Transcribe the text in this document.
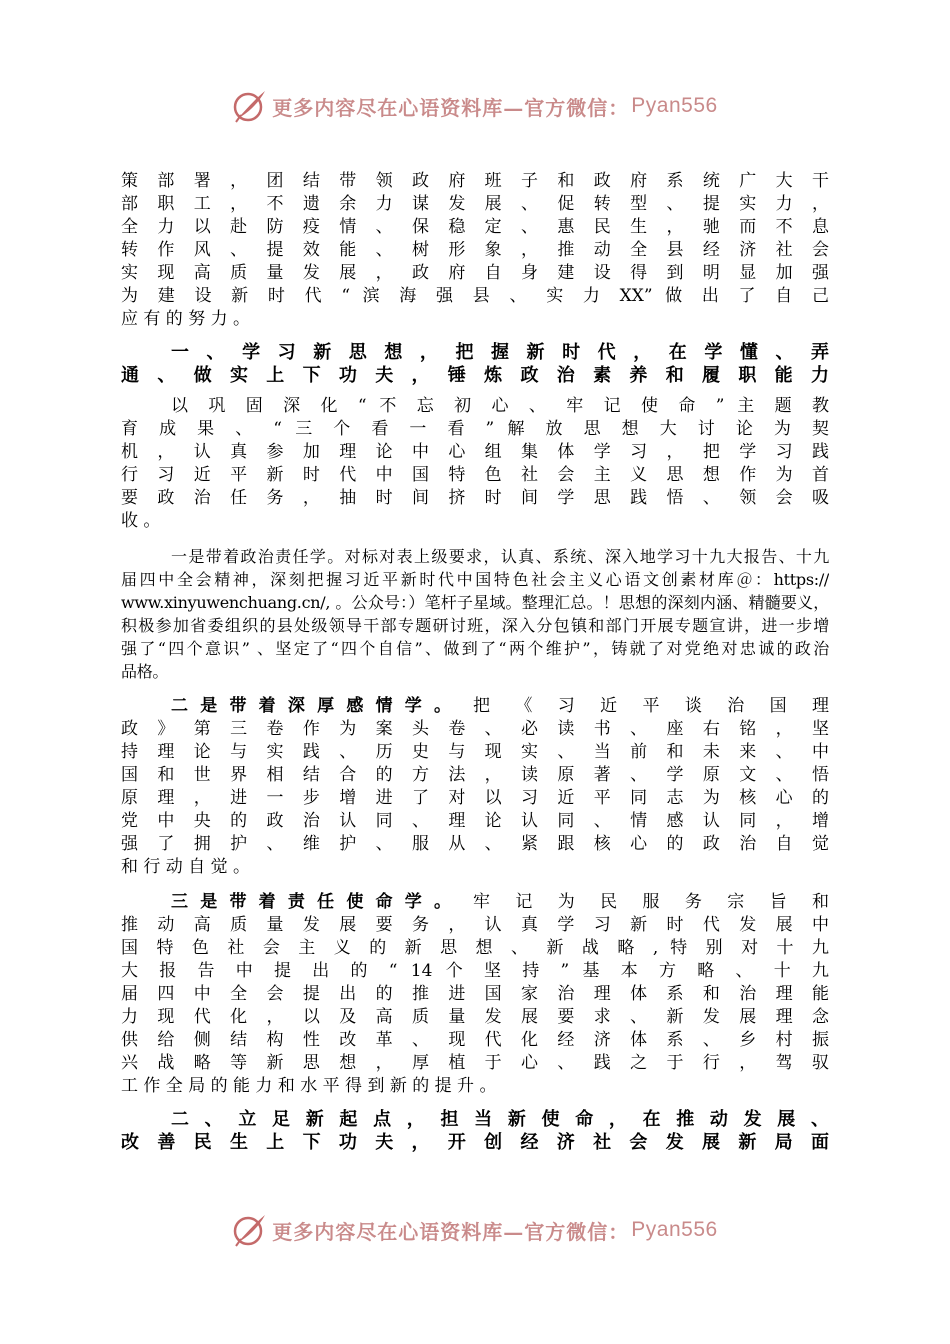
更多内容尽在心语资料库—官方微信： Pyan556
策 部 署 ， 团 结 带 领 政 府 班 子 和 政 府 系 统 广 大 干
部 职 工 ， 不 遗 余 力 谋 发 展 、 促 转 型 、 提 实 力 ，
全 力 以 赴 防 疫 情 、 保 稳 定 、 惠 民 生 ， 驰 而 不 息
转 作 风 、 提 效 能 、 树 形 象 ， 推 动 全 县 经 济 社 会
实 现 高 质 量 发 展 ， 政 府 自 身 建 设 得 到 明 显 加 强
为 建 设 新 时 代 “ 滨 海 强 县 、 实 力 XX” 做 出 了 自 己
应 有 的 努 力 。
一 、 学 习 新 思 想 ， 把 握 新 时 代 ， 在 学 懂 、 弄
通 、 做 实 上 下 功 夫 ， 锤 炼 政 治 素 养 和 履 职 能 力
以 巩 固 深 化 “ 不 忘 初 心 、 牢 记 使 命 ” 主 题 教
育 成 果 、 “ 三 个 看 一 看 ” 解 放 思 想 大 讨 论 为 契
机 ， 认 真 参 加 理 论 中 心 组 集 体 学 习 ， 把 学 习 践
行 习 近 平 新 时 代 中 国 特 色 社 会 主 义 思 想 作 为 首
要 政 治 任 务 ， 抽 时 间 挤 时 间 学 思 践 悟 、 领 会 吸
收 。
一是带着政治责任学。对标对表上级要求，认真、系统、深入地学习十九大报告、十九
届四中全会精神，深刻把握习近平新时代中国特色社会主义心语文创素材库＠：https://
www.xinyuwenchuang.cn/, 。公众号：）笔杆子星域。整理汇总。！思想的深刻内涵、精髓要义，
积极参加省委组织的县处级领导干部专题研讨班，深入分包镇和部门开展专题宣讲，进一步增
强了“四个意识” 、坚定了“四个自信”、做到了“两个维护”，铸就了对党绝对忠诚的政治
品格。
二 是 带 着 深 厚 感 情 学 。 把 《 习 近 平 谈 治 国 理
政 》 第 三 卷 作 为 案 头 卷 、 必 读 书 、 座 右 铭 ， 坚
持 理 论 与 实 践 、 历 史 与 现 实 、 当 前 和 未 来 、 中
国 和 世 界 相 结 合 的 方 法 ， 读 原 著 、 学 原 文 、 悟
原 理 ， 进 一 步 增 进 了 对 以 习 近 平 同 志 为 核 心 的
党 中 央 的 政 治 认 同 、 理 论 认 同 、 情 感 认 同 ， 增
强 了 拥 护 、 维 护 、 服 从 、 紧 跟 核 心 的 政 治 自 觉
和 行 动 自 觉 。
三 是 带 着 责 任 使 命 学 。 牢 记 为 民 服 务 宗 旨 和
推 动 高 质 量 发 展 要 务 ， 认 真 学 习 新 时 代 发 展 中
国 特 色 社 会 主 义 的 新 思 想 、 新 战 略 , 特 别 对 十 九
大 报 告 中 提 出 的 “ 14 个 坚 持 ” 基 本 方 略 、 十 九
届 四 中 全 会 提 出 的 推 进 国 家 治 理 体 系 和 治 理 能
力 现 代 化 ， 以 及 高 质 量 发 展 要 求 、 新 发 展 理 念
供 给 侧 结 构 性 改 革 、 现 代 化 经 济 体 系 、 乡 村 振
兴 战 略 等 新 思 想 ， 厚 植 于 心 、 践 之 于 行 ， 驾 驭
工 作 全 局 的 能 力 和 水 平 得 到 新 的 提 升 。
二 、 立 足 新 起 点 ， 担 当 新 使 命 ， 在 推 动 发 展 、
改 善 民 生 上 下 功 夫 ， 开 创 经 济 社 会 发 展 新 局 面
更多内容尽在心语资料库—官方微信： Pyan556
